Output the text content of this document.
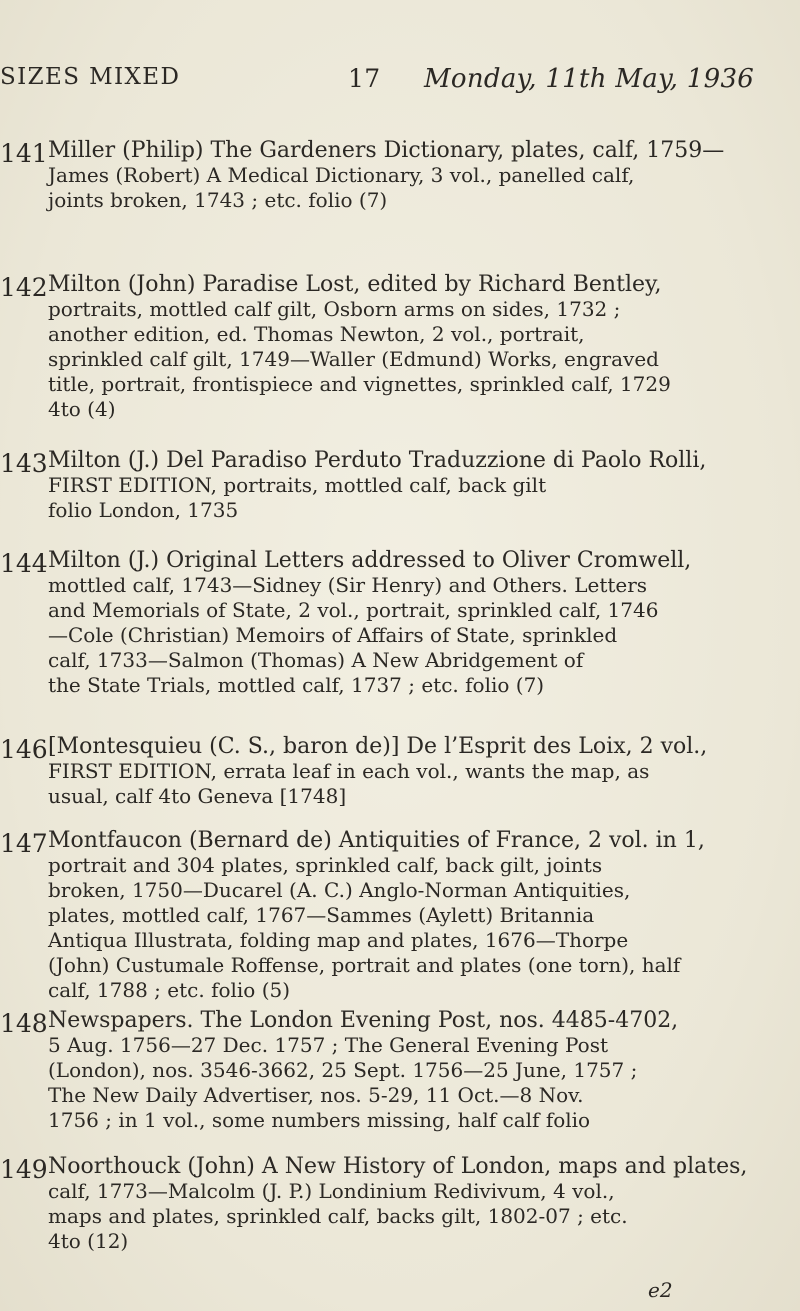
SIZES MIXED	17 Monday, 11th May, 1936
141 Miller (Philip) The Gardeners Dictionary, plates, calf, 1759—
James (Robert) A Medical Dictionary, 3 vol., panelled calf,
joints broken, 1743 ; etc. folio (7)
142 Milton (John) Paradise Lost, edited by Richard Bentley,
portraits, mottled calf gilt, Osborn arms on sides, 1732 ;
another edition, ed. Thomas Newton, 2 vol., portrait,
sprinkled calf gilt, 1749—Waller (Edmund) Works, engraved
title, portrait, frontispiece and vignettes, sprinkled calf, 1729
4to (4)
143 Milton (J.) Del Paradiso Perduto Traduzzione di Paolo Rolli,
FIRST EDITION, portraits, mottled calf, back gilt
folio London, 1735
144 Milton (J.) Original Letters addressed to Oliver Cromwell,
mottled calf, 1743—Sidney (Sir Henry) and Others. Letters
and Memorials of State, 2 vol., portrait, sprinkled calf, 1746
—Cole (Christian) Memoirs of Affairs of State, sprinkled
calf, 1733—Salmon (Thomas) A New Abridgement of
the State Trials, mottled calf, 1737 ; etc. folio (7)
146 [Montesquieu (C. S., baron de)] De l’Esprit des Loix, 2 vol.,
FIRST EDITION, errata leaf in each vol., wants the map, as
usual, calf 4to Geneva [1748]
147 Montfaucon (Bernard de) Antiquities of France, 2 vol. in 1,
portrait and 304 plates, sprinkled calf, back gilt, joints
broken, 1750—Ducarel (A. C.) Anglo-Norman Antiquities,
plates, mottled calf, 1767—Sammes (Aylett) Britannia
Antiqua Illustrata, folding map and plates, 1676—Thorpe
(John) Custumale Roffense, portrait and plates (one torn), half
calf, 1788 ; etc. folio (5)
148 Newspapers. The London Evening Post, nos. 4485-4702,
5 Aug. 1756—27 Dec. 1757 ; The General Evening Post
(London), nos. 3546-3662, 25 Sept. 1756—25 June, 1757 ;
The New Daily Advertiser, nos. 5-29, 11 Oct.—8 Nov.
1756 ; in 1 vol., some numbers missing, half calf folio
149 Noorthouck (John) A New History of London, maps and plates,
calf, 1773—Malcolm (J. P.) Londinium Redivivum, 4 vol.,
maps and plates, sprinkled calf, backs gilt, 1802-07 ; etc.
4to (12)
e2
